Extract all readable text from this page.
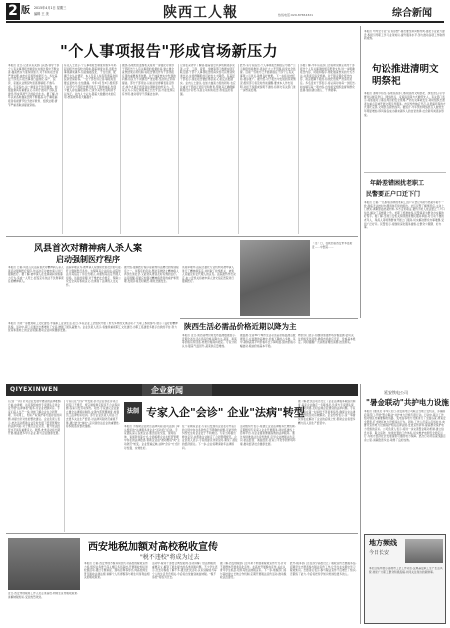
2 版 2015年4月1日 星期三
编辑 王 美	陕西工人報	综合新闻
热线电话:029-87654321
"个人事项报告"形成官场新压力
本报讯 近日,记者从有关部门获悉,领导干部个人有关事项报告制度在实施过程中不断完善,抽查核实力度持续加大,对不如实报告者严肃处理,由此在官场形成新压力。多位基层干部表示,报告事项日益细化,房产、投资、家属从业情况均需逐项填报,不敢马虎。专家指出,这一制度对于防范腐败、加强监督具有重要意义,有利于推动干部队伍建设,形成风清气正的政治生态。据了解,今年以来各地抽查比例不断提高,对于瞒报漏报者将视情节给予批评教育、组织处理,情节严重者取消提拔资格。
有关人士表示,个人事项报告制度实施多年来,起初报告内容较为简单,随着制度完善,需报告事项越来越多,包括婚姻变化、子女出国、配偶子女从业情况、本人及家人持有股票基金和投资型保险等。一位干部告诉记者,填报时需要反复核对,生怕遗漏。今年1月至3月,组织部门对部分干部报告情况进行了随机抽查,发现少数人存在漏报现象,已责令其作出说明并予以纠正。业内人士认为,随着大数据技术的应用,核查效率将大幅提升。
据悉,各地纪检监察机关将进一步强化对领导干部报告个人有关事项的监督检查,建立健全查核结果运用机制,将报告情况作为干部选拔任用的重要参考依据。对于抽查核实中发现的问题,将区分不同情况严肃处理,坚决防止带病提拔。部分干部坦言,以前总觉得填表是走形式,如今才真正感受到这项制度的约束力。专家认为,只有让制度真正长出牙齿,才能发挥应有作用,推动领导干部廉洁自律。
记者在采访中了解到,随着信息共享机制逐步完善,公安、工商、房管、金融等部门数据实现互联互通,干部个人事项报告的真实性可以得到快速比对,这使得瞒报的可能性大大降低。有基层干部表示,现在报告要经得起查,心里反而更踏实。业内人士建议,在加大抽查力度的同时,也应注重对干部的正面引导和教育,帮助其正确理解制度设计初衷,从而主动如实报告,形成良好氛围。
此外,有专家指出,个人事项报告制度应与财产公示制度衔接推进,逐步扩大公开范围,接受社会监督。目前一些地方已开展新提任干部个人有关事项公示试点,取得良好效果。下一步将总结经验,稳步推广。据介绍,对于报告中发现的异常情况,组织部门将及时约谈提醒,要求本人作出说明,对拒不说明或说明不清的,将移交有关部门进一步核查处理。
另据了解,今年有关部门还将研究制定领导干部报告个人有关事项的规定配套文件,进一步明确报告内容、时限和程序,细化抽查核实的方式方法,完善责任追究机制。对于随意简化报告内容、故意隐瞒不报的,将依纪依规严肃追究责任。多名受访干部表示,将认真对待每一次报告,如实填写每一项内容,自觉接受组织监督和群众监督,做到清白做人、干净做事。
本报讯 句句全专业"应该思想",提出要坚持问题导向,强化专业能力建设,积极引导职工学习业务知识,提升服务水平,努力推动各项工作取得新成效。
句讼推进清明文明祭祀
本报讯 清明节将至,各地民政部门积极倡导文明祭祀、绿色祭扫,引导群众以鲜花祭扫、网络祭扫、家庭追思等方式缅怀先人。有关部门表示,将加强对公墓及周边的安全管理,严防火灾事故发生,同时组织志愿者在重点区域开展文明引导服务。市民纷纷响应号召,以低碳环保的方式寄托哀思,文明祭扫蔚然成风。据统计,今年预约网络祭扫人数较去年明显增加,移风易俗成为越来越多人的自觉选择,社会新风尚逐步形成。
年龄差错困扰老职工
民警要正户口迁下门
本报讯 日前,一名即将退休的老职工因户口登记年龄与档案年龄不一致,面临无法按时办理退休手续的困扰。社区民警了解情况后,主动上门核实,调取原始档案材料,多方走访取证,最终为老人依法更正了户口信息,解决了其燃眉之急。老职工感激地说,民警真是为群众办实事的好帮手。据了解,当地公安机关持续推进便民服务举措,对行动不便的老年人、残疾人等特殊群体开展上门服务,切实解决群众办事难题,受到广泛好评。民警表示,将继续深化服务措施,让群众少跑腿、好办事。
风县首次对精神病人杀人案
启动强制医疗程序
本报讯 日前,风县人民法院首次对精神病人杀人案启动强制医疗程序,依法决定对被申请人进行强制医疗。据了解,被申请人在发病期间实施暴力行为,造成一人死亡,经鉴定系依法不负刑事责任的精神病人。
法院审理认为,被申请人有继续危害社会的可能,符合强制医疗条件。为保障其合法权益,法院依法为其指定了诉讼代理人,并通知其法定代理人到场。该案的审理,对于维护社会稳定、保障公众安全具有积极意义,也体现了法律的人文关怀。
据介绍,强制医疗程序是新刑诉法增设的特别程序之一。该程序的启动,既能有效防止精神病人再次危害社会,又能使其得到及时有效的治疗。法官提醒,家属应加强对精神病患者的看护和管理,发现异常及时就医,避免悲剧发生。
该案审理中,法院还委托专业机构对被申请人进行了精神病鉴定,并听取了检察机关、被害人家属及诉讼代理人的意见。法院最终作出决定,由公安机关将被申请人送交指定医院进行强制医疗。
（文）日，在陕西省西安市华县附近……中医院……
陕西生活必需品价格近期以降为主
本报讯 近日,陕西省物价局发布监测数据显示,近期全省生活必需品价格以降为主,蔬菜、鸡蛋等价格有所回落,肉类价格保持稳定。专家分析认为,随着气温回升,蔬菜供应量增加。
据监测,全省36个城市生活必需品价格监测点数据显示,在监测的品种中,价格下降的占多数。其中,新鲜蔬菜平均价格环比下降明显,猪肉价格小幅波动,粮油价格基本平稳。
物价部门表示,将继续加强市场价格监测,密切关注价格变化趋势,确保市场供应充足、价格基本稳定。同时提醒广大消费者理性消费,按需购买。
本报讯 为进一步推进职工文化建设,丰富职工业余生活,近日,多家企业工会组织开展了形式多样的文体活动,广大职工积极参与,展示了良好的精神风貌。活动中,职工们通过比赛增进了交流,增强了团队凝聚力。企业负责人表示,将继续重视职工文化建设,为职工搭建更多展示自我的平台,努力营造和谐向上的企业氛围,推动企业持续健康发展。
QIYEXINWEN	企业新闻
(记者 一初) 针对企业发展中遇到的法律难题,日前,由律师、法官等组成的专家团队走进企业开展"法律体检"服务,为企业把脉问诊。专家们深入生产一线,详细了解企业在合同管理、劳动用工、知识产权保护等方面存在的问题,并提出针对性的整改建议。企业负责人表示,此次活动帮助企业及时发现了经营管理中的法律风险,对于规范企业运营、提升依法经营水平具有重要意义。据悉,此类活动将长期开展,覆盖更多中小企业,助力企业健康发展。
专家们在"会诊"中发现,部分企业存在劳动合同签订不规范、规章制度制定程序不合法等问题,容易引发劳动纠纷。对此,专家建议企业建立健全法律顾问制度,完善内部管理制度,加强员工法律知识培训。部分企业负责人坦言,过去更多关注生产经营,对法律风险防范重视不够,通过此次"体检",意识到依法治企的重要性,将积极落实整改措施。
法制 专家入企"会诊" 企业"法病"转型
本报讯 为帮助企业防范法律风险,由司法部门牵头组织的"法律服务进企业"活动近日启动。专家团队深入各类企业,通过座谈交流、现场咨询、查阅资料等方式,全面梳理企业在经营管理中存在的法律隐患,帮助企业由"被动维权"向"主动防范"转变。企业普遍反映,这种"会诊"方式针对性强、实效性好。
在一家制造企业,专家们发现该企业在对外签订的合同中存在条款约定不明确的问题,可能导致纠纷发生时企业处于不利地位。专家当场提出修改意见,并帮助企业制定了合同管理规范。企业负责人表示,专家的建议非常及时,避免了潜在的经济损失。下一步,企业将聘请常年法律顾问。
活动组织方表示,将建立企业法律服务长效机制,定期组织专家深入企业开展服务,同时搭建线上咨询平台,为企业提供便捷高效的法律服务。通过持续推进法治宣传教育,引导企业增强法治意识,依法经营、诚信经营,营造公平竞争的市场环境,推动经济社会健康发展。
据了解,此次活动还设立了企业法律服务联络员制度,每家企业确定一名联络员,负责与专家团队保持日常沟通,及时反映企业遇到的法律问题。专家团队将在第一时间给予答复和指导,确保企业法律问题得到及时有效解决。企业纷纷表示,这一举措实实在在解决了企业的后顾之忧,帮助企业将更多精力投入到生产经营中。
延安铁电公司
"暑金联动"共护电力设施
本报讯 (通讯员 李华) 近日,延安铁电公司联合当地公安机关、乡镇政府等部门,开展"警企联动"共护电力设施专项行动。行动中,联合工作组对辖区内重要输电线路、变电站等电力设施进行了全面巡查,排查安全隐患,打击破坏电力设施违法行为。同时,工作人员深入沿线村庄,向群众宣传电力设施保护相关法律法规,发放宣传资料,提高群众保护电力设施的意识。公司负责人表示,将进一步完善警企联动机制,建立信息共享、联合巡防、快速处置的工作体系,切实维护电网安全稳定运行,为地方经济社会发展提供可靠的电力保障。此次行动共巡查线路百余公里,消除隐患多处,取得了良好成效。
西安地税加额对高校税收宣传
"税不违校"将成为过去
近日,西安市地税局工作人员走进高校,向师生宣传税收政策,讲解纳税知识,受到热烈欢迎。
本报讯 日前,西安市地方税务局加大对高校的税收宣传力度,组织业务骨干深入辖区多所高校,开展税收知识进校园活动,通过专题讲座、现场咨询等形式,向高校师生普及税收法律法规,讲解个人所得税等与师生切身利益相关的税收政策。
活动中,税务干部结合典型案例,生动讲解了依法纳税的重要意义,解答了师生提出的各类涉税问题。不少学生表示,过去对税收了解不多,通过此次活动,认识到税收与每个人的生活息息相关,今后将自觉做到诚信纳税。"税不违校"将成为过去。
据了解,西安地税部门近年来不断创新税收宣传方式,针对不同群体开展差异化宣传。在高校开展税收宣传,旨在从青年学生抓起,培养其依法纳税意识。下一步,地税部门将与高校建立长效合作机制,定期开展税法宣传活动,推动税收法治建设。
此外,税务部门还在部分高校设立了税收宣传志愿服务站,招募学生志愿者参与税法宣传工作,让学生在实践中学习税收知识。志愿者们表示,参与税法宣传不仅增长了知识,还锻炼了能力,今后将把所学知识传递给更多的人。
地方频线
今日长安
本栏目集中展示各地市工会工作动态,反映基层职工生产生活风貌,欢迎广大职工群众积极投稿,共同关注身边的新鲜事。
